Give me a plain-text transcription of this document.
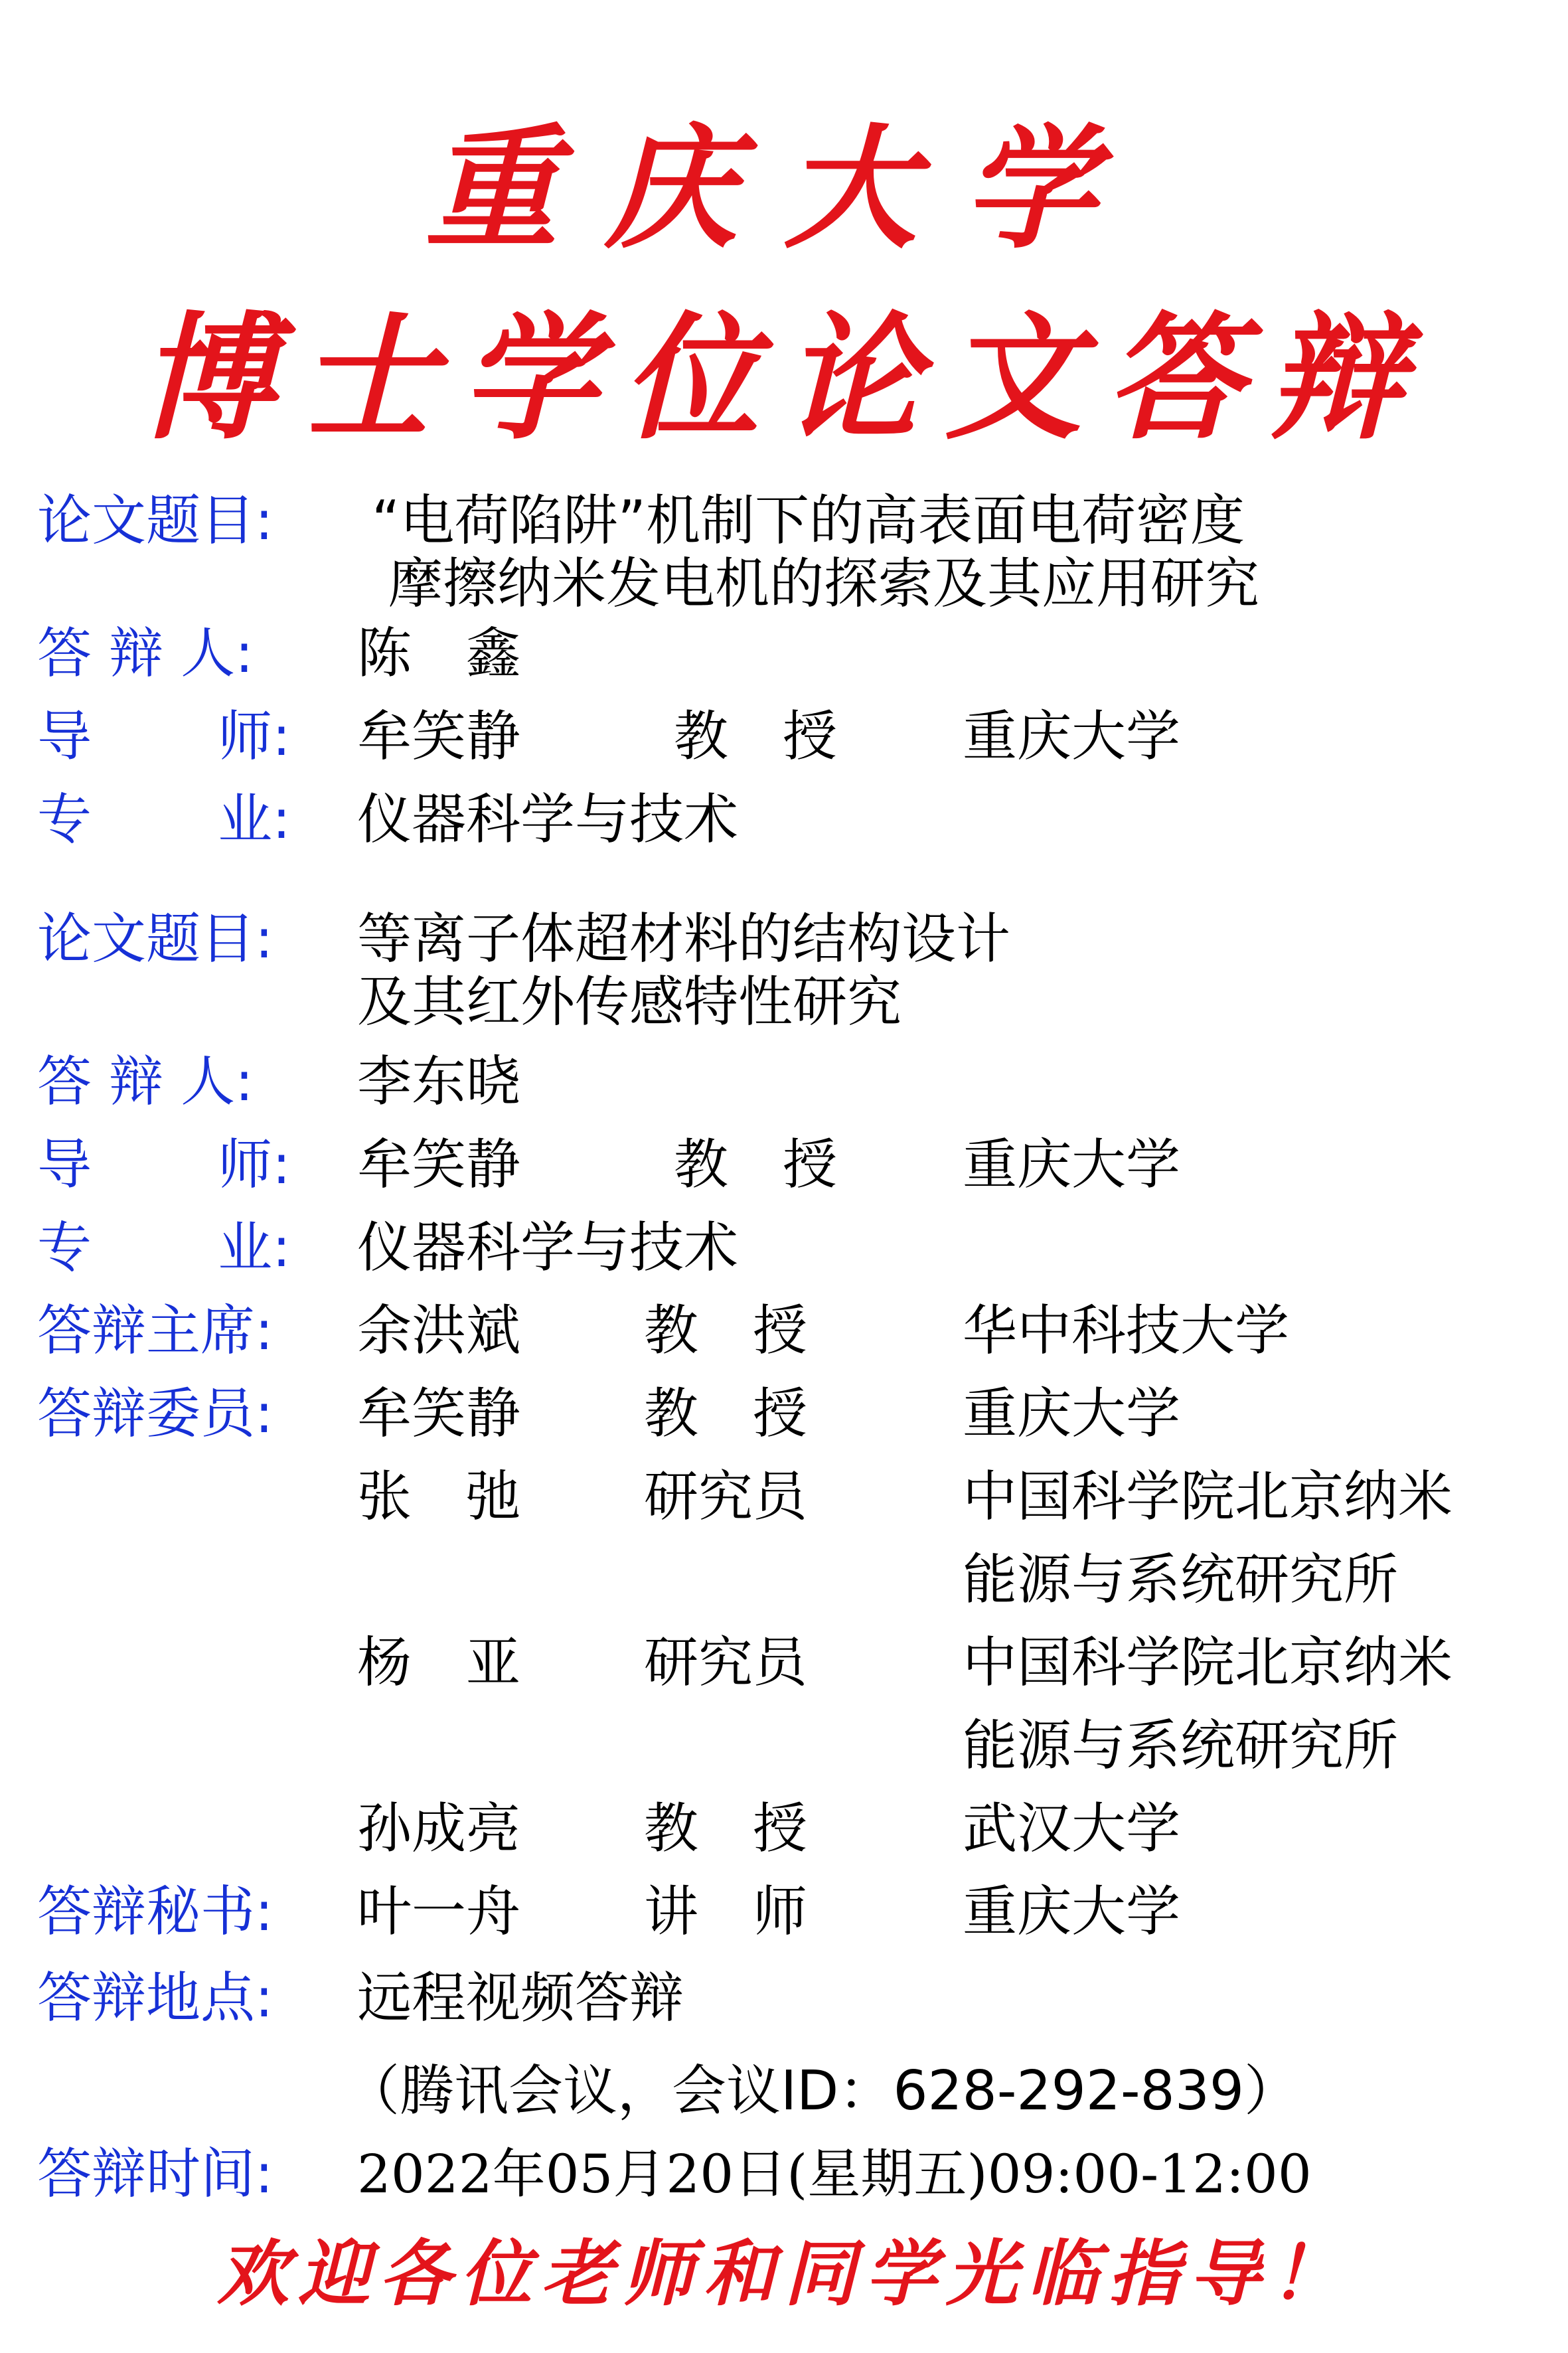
重庆大学
博士学位论文答辩
论文题目: “电荷陷阱”机制下的高表面电荷密度
摩擦纳米发电机的探索及其应用研究
答 辩 人: 陈　鑫
导　　 师: 牟笑静	教　授 重庆大学
专　　 业: 仪器科学与技术
论文题目: 等离子体超材料的结构设计
及其红外传感特性研究
答 辩 人: 李东晓
导　　 师: 牟笑静	教　授 重庆大学
专　　 业: 仪器科学与技术
答辩主席: 余洪斌 教　授	华中科技大学
答辩委员: 牟笑静 教　授	重庆大学
张　弛 研究员	中国科学院北京纳米
能源与系统研究所
杨　亚 研究员	中国科学院北京纳米
能源与系统研究所
孙成亮 教　授	武汉大学
答辩秘书: 叶一舟 讲　师	重庆大学
答辩地点: 远程视频答辩
（腾讯会议，会议ID：628-292-839）
答辩时间: 2022年05月20日(星期五)09:00-12:00
欢迎各位老师和同学光临指导！
